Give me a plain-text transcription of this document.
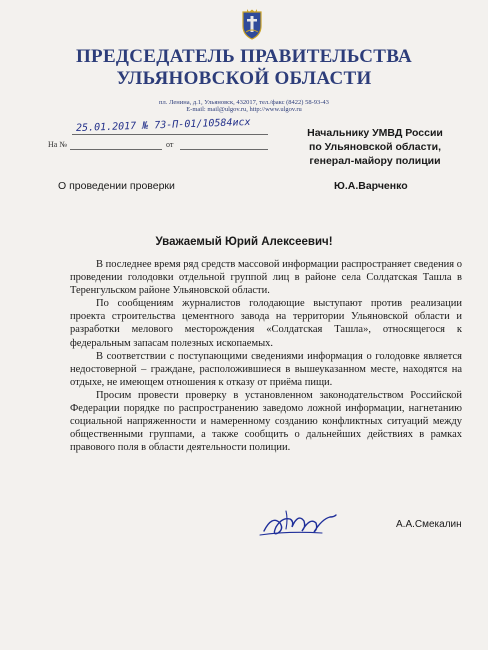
ПРЕДСЕДАТЕЛЬ ПРАВИТЕЛЬСТВА
УЛЬЯНОВСКОЙ ОБЛАСТИ
пл. Ленина, д.1, Ульяновск, 432017, тел./факс (8422) 58-93-43
E-mail: mail@ulgov.ru, http://www.ulgov.ru
25.01.2017 № 73-П-01/10584исх
На №	от
Начальнику УМВД России
по Ульяновской области,
генерал-майору полиции
О проведении проверки	Ю.А.Варченко
Уважаемый Юрий Алексеевич!

В последнее время ряд средств массовой информации распространяет сведения о проведении голодовки отдельной группой лиц в районе села Солдатская Ташла в Теренгульском районе Ульяновской области.

По сообщениям журналистов голодающие выступают против реализации проекта строительства цементного завода на территории Ульяновской области и разработки мелового месторождения «Солдатская Ташла», относящегося к федеральным запасам полезных ископаемых.

В соответствии с поступающими сведениями информация о голодовке является недостоверной – граждане, расположившиеся в вышеуказанном месте, находятся на отдыхе, не имеющем отношения к отказу от приёма пищи.

Просим провести проверку в установленном законодательством Российской Федерации порядке по распространению заведомо ложной информации, нагнетанию социальной напряженности и намеренному созданию конфликтных ситуаций между общественными группами, а также сообщить о дальнейших действиях в рамках правового поля в области деятельности полиции.

А.А.Смекалин
